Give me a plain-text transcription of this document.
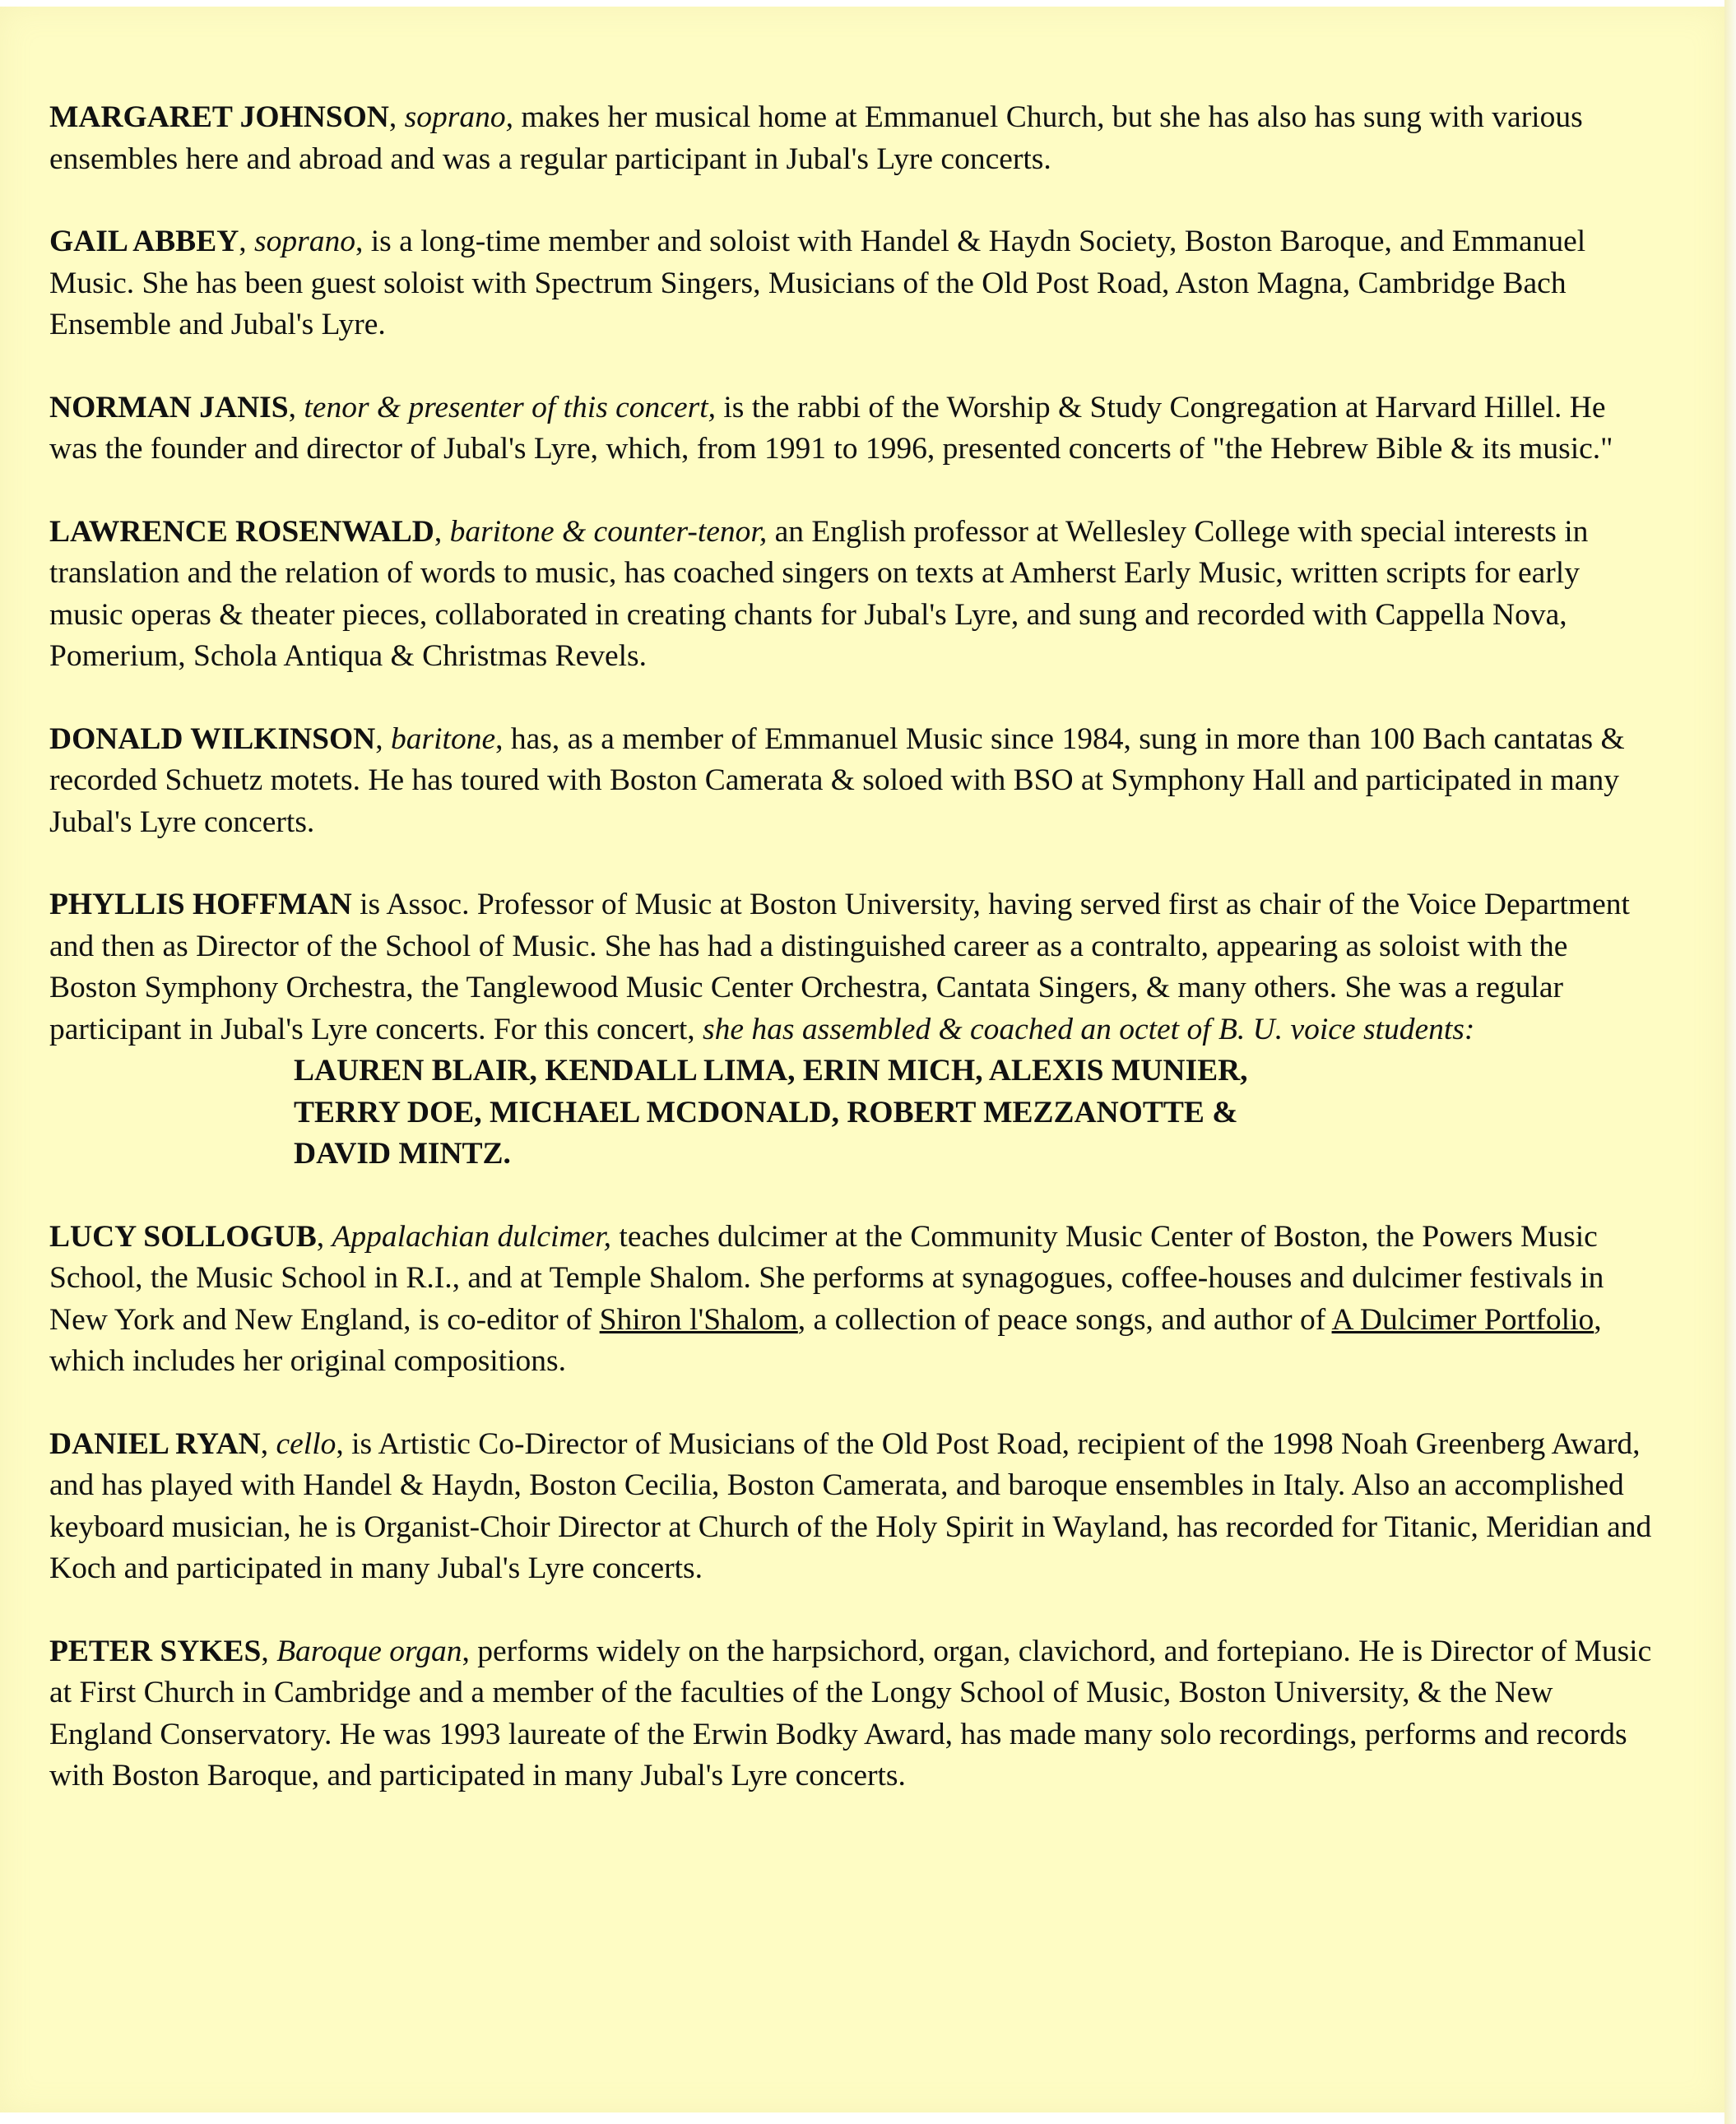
MARGARET JOHNSON, soprano, makes her musical home at Emmanuel Church, but she has also has sung with various ensembles here and abroad and was a regular participant in Jubal's Lyre concerts.

GAIL ABBEY, soprano, is a long-time member and soloist with Handel & Haydn Society, Boston Baroque, and Emmanuel Music. She has been guest soloist with Spectrum Singers, Musicians of the Old Post Road, Aston Magna, Cambridge Bach Ensemble and Jubal's Lyre.

NORMAN JANIS, tenor & presenter of this concert, is the rabbi of the Worship & Study Congregation at Harvard Hillel. He was the founder and director of Jubal's Lyre, which, from 1991 to 1996, presented concerts of "the Hebrew Bible & its music."

LAWRENCE ROSENWALD, baritone & counter-tenor, an English professor at Wellesley College with special interests in translation and the relation of words to music, has coached singers on texts at Amherst Early Music, written scripts for early music operas & theater pieces, collaborated in creating chants for Jubal's Lyre, and sung and recorded with Cappella Nova, Pomerium, Schola Antiqua & Christmas Revels.

DONALD WILKINSON, baritone, has, as a member of Emmanuel Music since 1984, sung in more than 100 Bach cantatas & recorded Schuetz motets. He has toured with Boston Camerata & soloed with BSO at Symphony Hall and participated in many Jubal's Lyre concerts.

PHYLLIS HOFFMAN is Assoc. Professor of Music at Boston University, having served first as chair of the Voice Department and then as Director of the School of Music. She has had a distinguished career as a contralto, appearing as soloist with the Boston Symphony Orchestra, the Tanglewood Music Center Orchestra, Cantata Singers, & many others. She was a regular participant in Jubal's Lyre concerts. For this concert, she has assembled & coached an octet of B. U. voice students:
LAUREN BLAIR, KENDALL LIMA, ERIN MICH, ALEXIS MUNIER,
TERRY DOE, MICHAEL MCDONALD, ROBERT MEZZANOTTE &
DAVID MINTZ.

LUCY SOLLOGUB, Appalachian dulcimer, teaches dulcimer at the Community Music Center of Boston, the Powers Music School, the Music School in R.I., and at Temple Shalom. She performs at synagogues, coffee-houses and dulcimer festivals in New York and New England, is co-editor of Shiron l'Shalom, a collection of peace songs, and author of A Dulcimer Portfolio, which includes her original compositions.

DANIEL RYAN, cello, is Artistic Co-Director of Musicians of the Old Post Road, recipient of the 1998 Noah Greenberg Award, and has played with Handel & Haydn, Boston Cecilia, Boston Camerata, and baroque ensembles in Italy. Also an accomplished keyboard musician, he is Organist-Choir Director at Church of the Holy Spirit in Wayland, has recorded for Titanic, Meridian and Koch and participated in many Jubal's Lyre concerts.

PETER SYKES, Baroque organ, performs widely on the harpsichord, organ, clavichord, and fortepiano. He is Director of Music at First Church in Cambridge and a member of the faculties of the Longy School of Music, Boston University, & the New England Conservatory. He was 1993 laureate of the Erwin Bodky Award, has made many solo recordings, performs and records with Boston Baroque, and participated in many Jubal's Lyre concerts.
